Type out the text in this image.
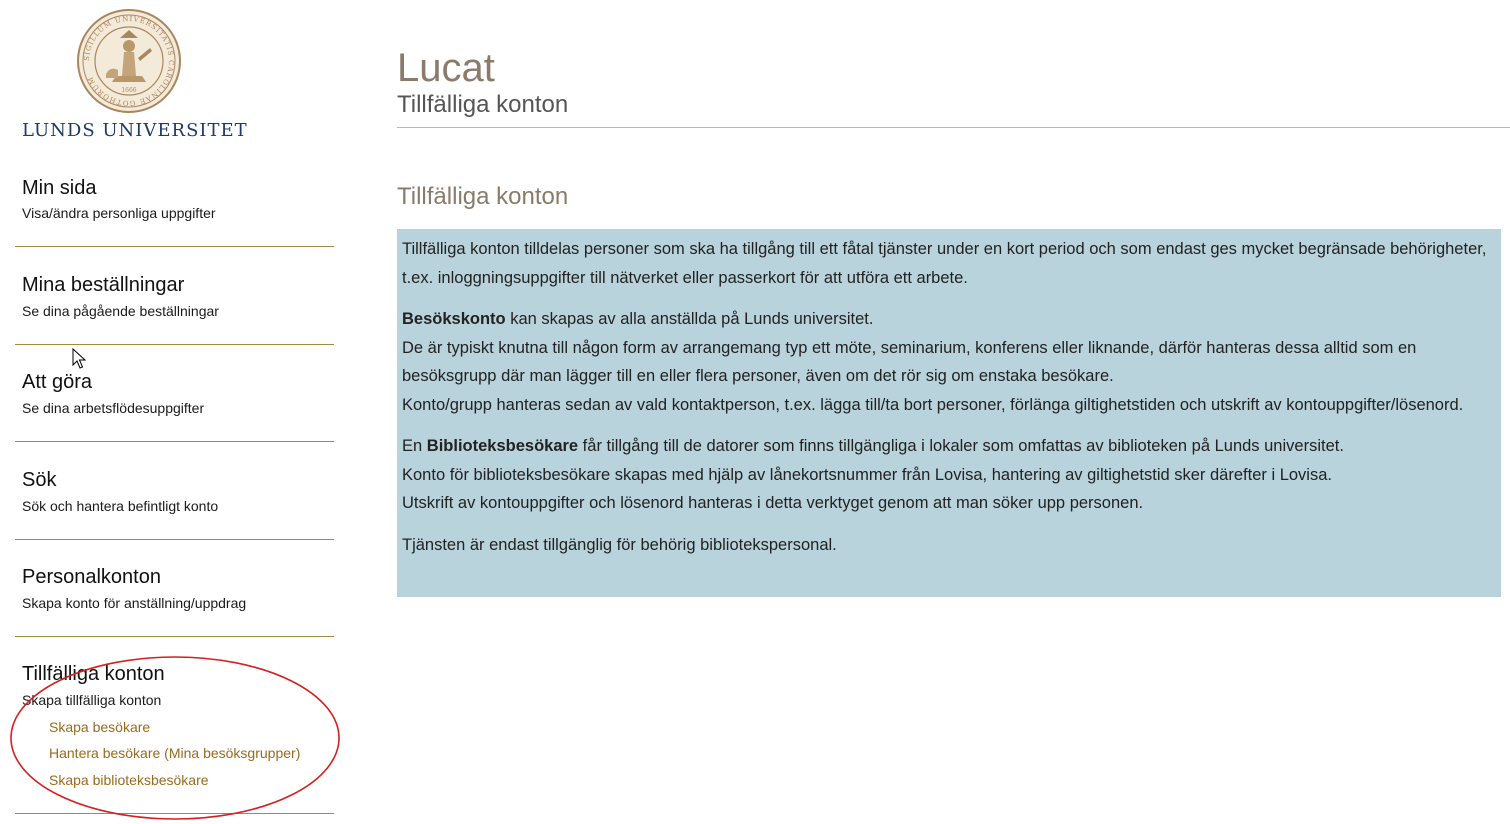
SIGILLUM UNIVERSITATIS CAROLINAE GOTHORUM
1666
LUNDS UNIVERSITET
Min sida
Visa/ändra personliga uppgifter
Mina beställningar
Se dina pågående beställningar
Att göra
Se dina arbetsflödesuppgifter
Sök
Sök och hantera befintligt konto
Personalkonton
Skapa konto för anställning/uppdrag
Tillfälliga konton
Skapa tillfälliga konton
Skapa besökare
Hantera besökare (Mina besöksgrupper)
Skapa biblioteksbesökare
Lucat
Tillfälliga konton
Tillfälliga konton

Tillfälliga konton tilldelas personer som ska ha tillgång till ett fåtal tjänster under en kort period och som endast ges mycket begränsade behörigheter, t.ex. inloggningsuppgifter till nätverket eller passerkort för att utföra ett arbete.

Besökskonto kan skapas av alla anställda på Lunds universitet.
De är typiskt knutna till någon form av arrangemang typ ett möte, seminarium, konferens eller liknande, därför hanteras dessa alltid som en besöksgrupp där man lägger till en eller flera personer, även om det rör sig om enstaka besökare.
Konto/grupp hanteras sedan av vald kontaktperson, t.ex. lägga till/ta bort personer, förlänga giltighetstiden och utskrift av kontouppgifter/lösenord.

En Biblioteksbesökare får tillgång till de datorer som finns tillgängliga i lokaler som omfattas av biblioteken på Lunds universitet.
Konto för biblioteksbesökare skapas med hjälp av lånekortsnummer från Lovisa, hantering av giltighetstid sker därefter i Lovisa.
Utskrift av kontouppgifter och lösenord hanteras i detta verktyget genom att man söker upp personen.

Tjänsten är endast tillgänglig för behörig bibliotekspersonal.
